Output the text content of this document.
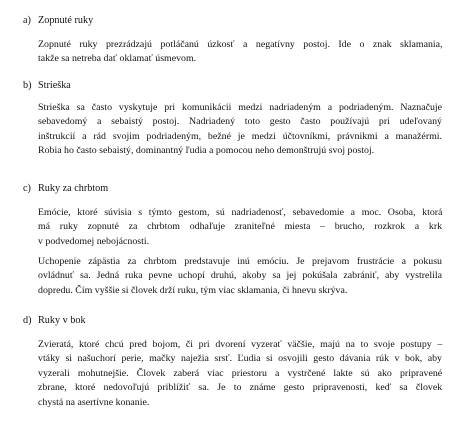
a) Zopnuté ruky
Zopnuté ruky prezrádzajú potláčanú úzkosť a negatívny postoj. Ide o znak sklamania,
takže sa netreba dať oklamať úsmevom.
b) Strieška
Strieška sa často vyskytuje pri komunikácii medzi nadriadeným a podriadeným. Naznačuje
sebavedomý a sebaistý postoj. Nadriadený toto gesto často používajú pri udeľovaný
inštrukcií a rád svojim podriadeným, bežné je medzi účtovníkmi, právnikmi a manažérmi.
Robia ho často sebaistý, dominantný ľudia a pomocou neho demonštrujú svoj postoj.
c) Ruky za chrbtom
Emócie, ktoré súvisia s týmto gestom, sú nadriadenosť, sebavedomie a moc. Osoba, ktorá
má ruky zopnuté za chrbtom odhaľuje zraniteľné miesta – brucho, rozkrok a krk
v podvedomej nebojácnosti.
Uchopenie zápästia za chrbtom predstavuje inú emóciu. Je prejavom frustrácie a pokusu
ovládnuť sa. Jedná ruka pevne uchopí druhú, akoby sa jej pokúšala zabrániť, aby vystrelila
dopredu. Čím vyššie si človek drží ruku, tým viac sklamania, či hnevu skrýva.
d) Ruky v bok
Zvieratá, ktoré chcú pred bojom, či pri dvorení vyzerať väčšie, majú na to svoje postupy –
vtáky si našuchorí perie, mačky naježia srsť. Ľudia si osvojili gesto dávania rúk v bok, aby
vyzerali mohutnejšie. Človek zaberá viac priestoru a vystrčené lakte sú ako pripravené
zbrane, ktoré nedovoľujú priblížiť sa. Je to známe gesto pripravenosti, keď sa človek
chystá na asertívne konanie.
